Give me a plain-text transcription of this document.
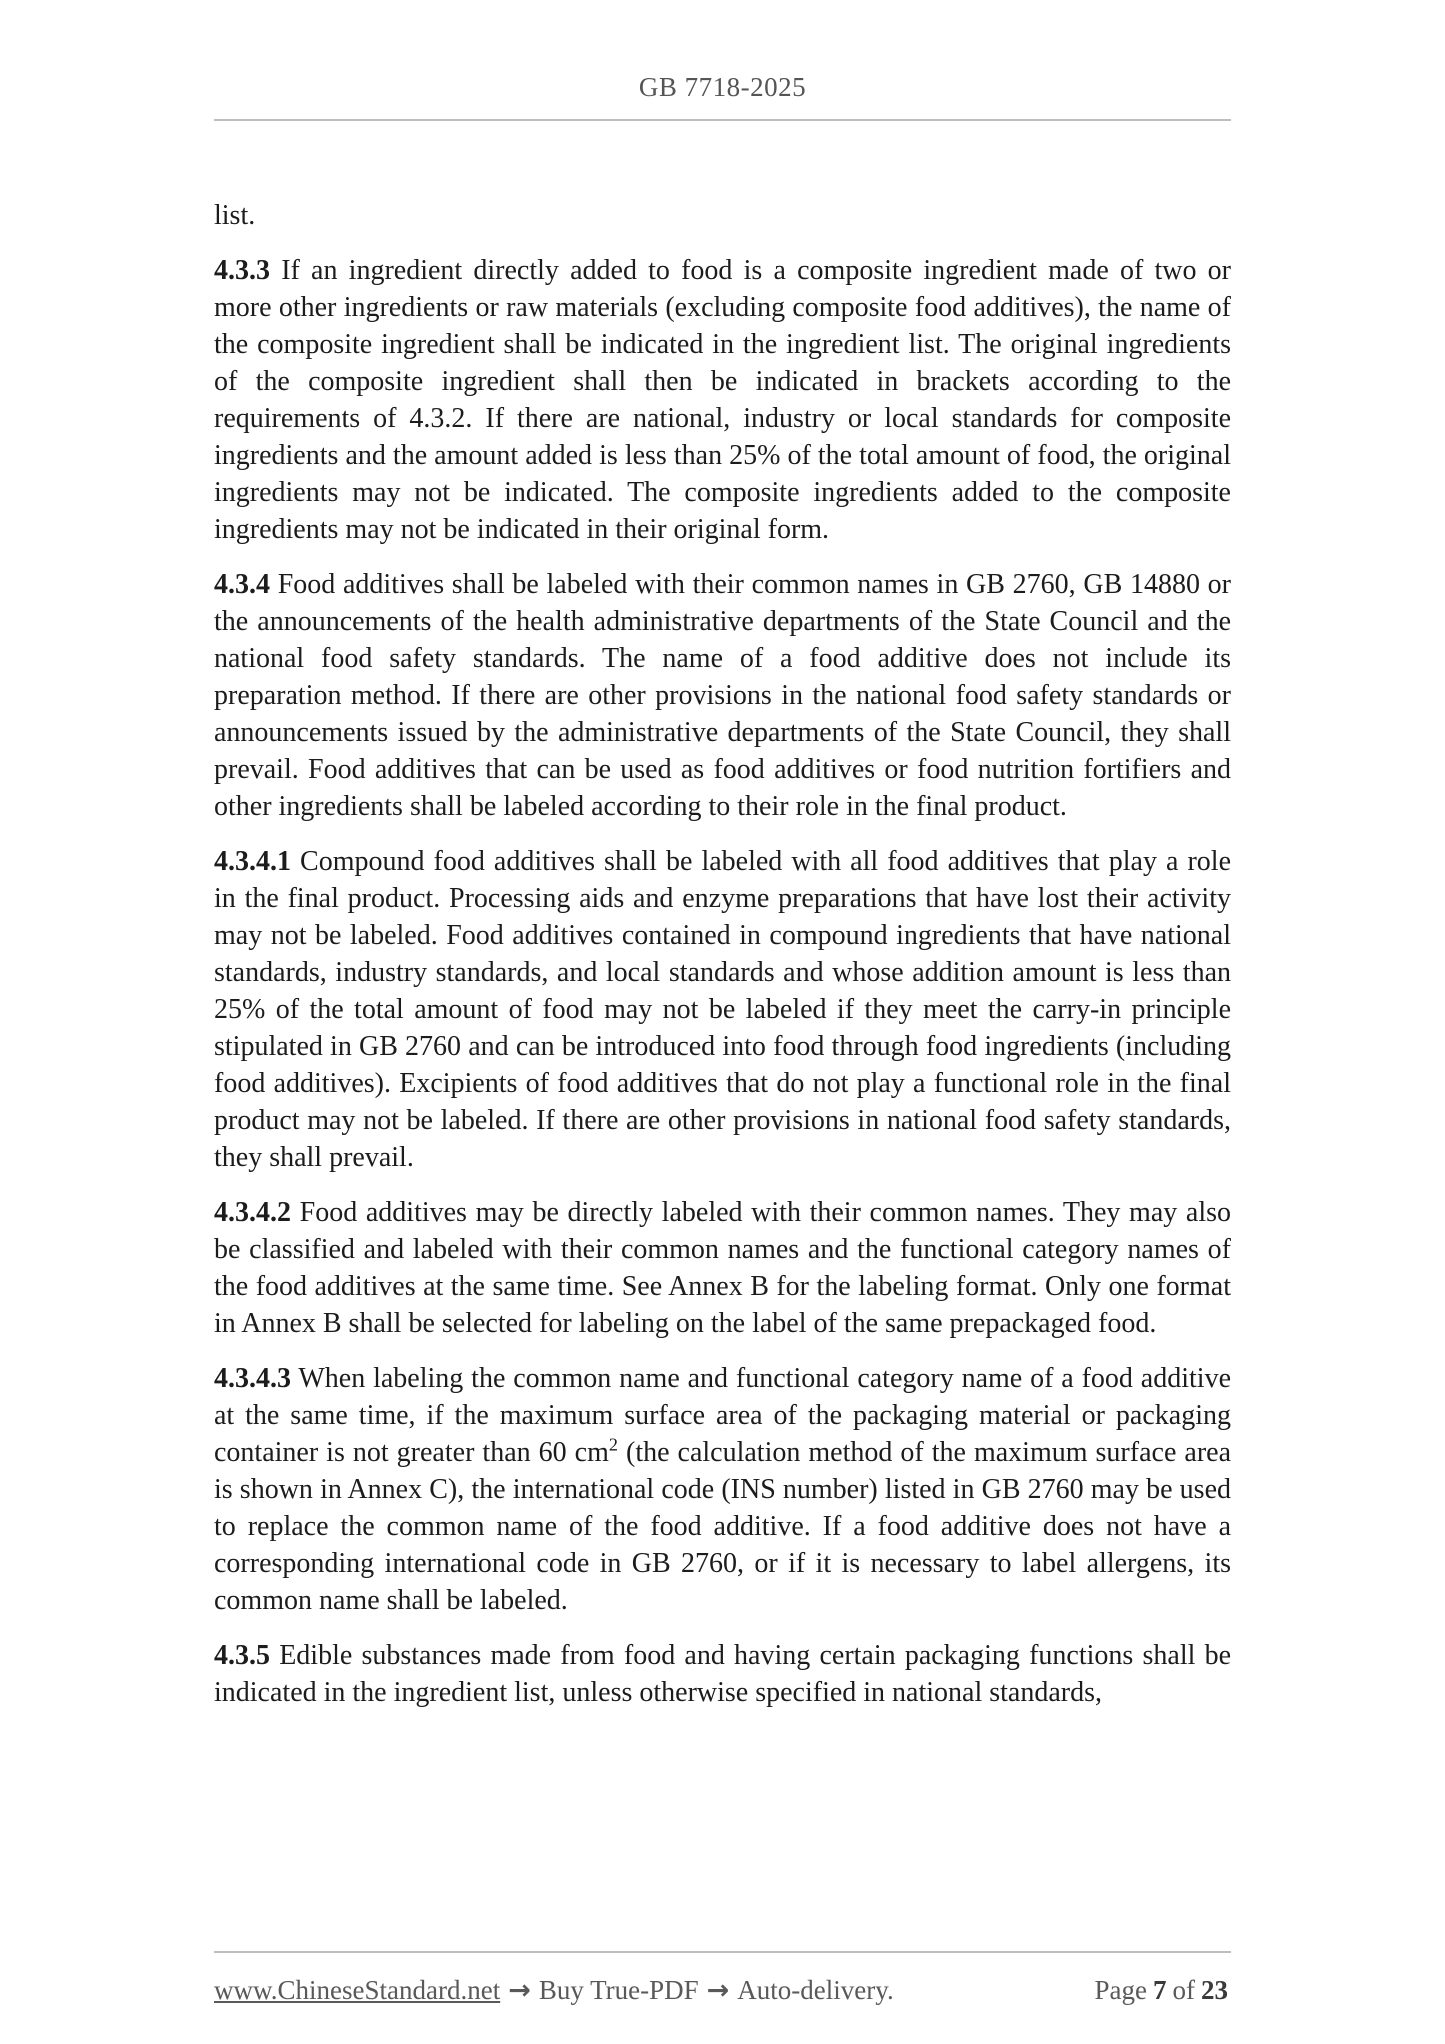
GB 7718-2025

list.

4.3.3 If an ingredient directly added to food is a composite ingredient made of two or more other ingredients or raw materials (excluding composite food additives), the name of the composite ingredient shall be indicated in the ingredient list. The original ingredients of the composite ingredient shall then be indicated in brackets according to the requirements of 4.3.2. If there are national, industry or local standards for composite ingredients and the amount added is less than 25% of the total amount of food, the original ingredients may not be indicated. The composite ingredients added to the composite ingredients may not be indicated in their original form.

4.3.4 Food additives shall be labeled with their common names in GB 2760, GB 14880 or the announcements of the health administrative departments of the State Council and the national food safety standards. The name of a food additive does not include its preparation method. If there are other provisions in the national food safety standards or announcements issued by the administrative departments of the State Council, they shall prevail. Food additives that can be used as food additives or food nutrition fortifiers and other ingredients shall be labeled according to their role in the final product.

4.3.4.1 Compound food additives shall be labeled with all food additives that play a role in the final product. Processing aids and enzyme preparations that have lost their activity may not be labeled. Food additives contained in compound ingredients that have national standards, industry standards, and local standards and whose addition amount is less than 25% of the total amount of food may not be labeled if they meet the carry-in principle stipulated in GB 2760 and can be introduced into food through food ingredients (including food additives). Excipients of food additives that do not play a functional role in the final product may not be labeled. If there are other provisions in national food safety standards, they shall prevail.

4.3.4.2 Food additives may be directly labeled with their common names. They may also be classified and labeled with their common names and the functional category names of the food additives at the same time. See Annex B for the labeling format. Only one format in Annex B shall be selected for labeling on the label of the same prepackaged food.

4.3.4.3 When labeling the common name and functional category name of a food additive at the same time, if the maximum surface area of the packaging material or packaging container is not greater than 60 $cm^2$ (the calculation method of the maximum surface area is shown in Annex C), the international code (INS number) listed in GB 2760 may be used to replace the common name of the food additive. If a food additive does not have a corresponding international code in GB 2760, or if it is necessary to label allergens, its common name shall be labeled.

4.3.5 Edible substances made from food and having certain packaging functions shall be indicated in the ingredient list, unless otherwise specified in national standards,

www.ChineseStandard.net → Buy True-PDF → Auto-delivery.	Page 7 of 23
